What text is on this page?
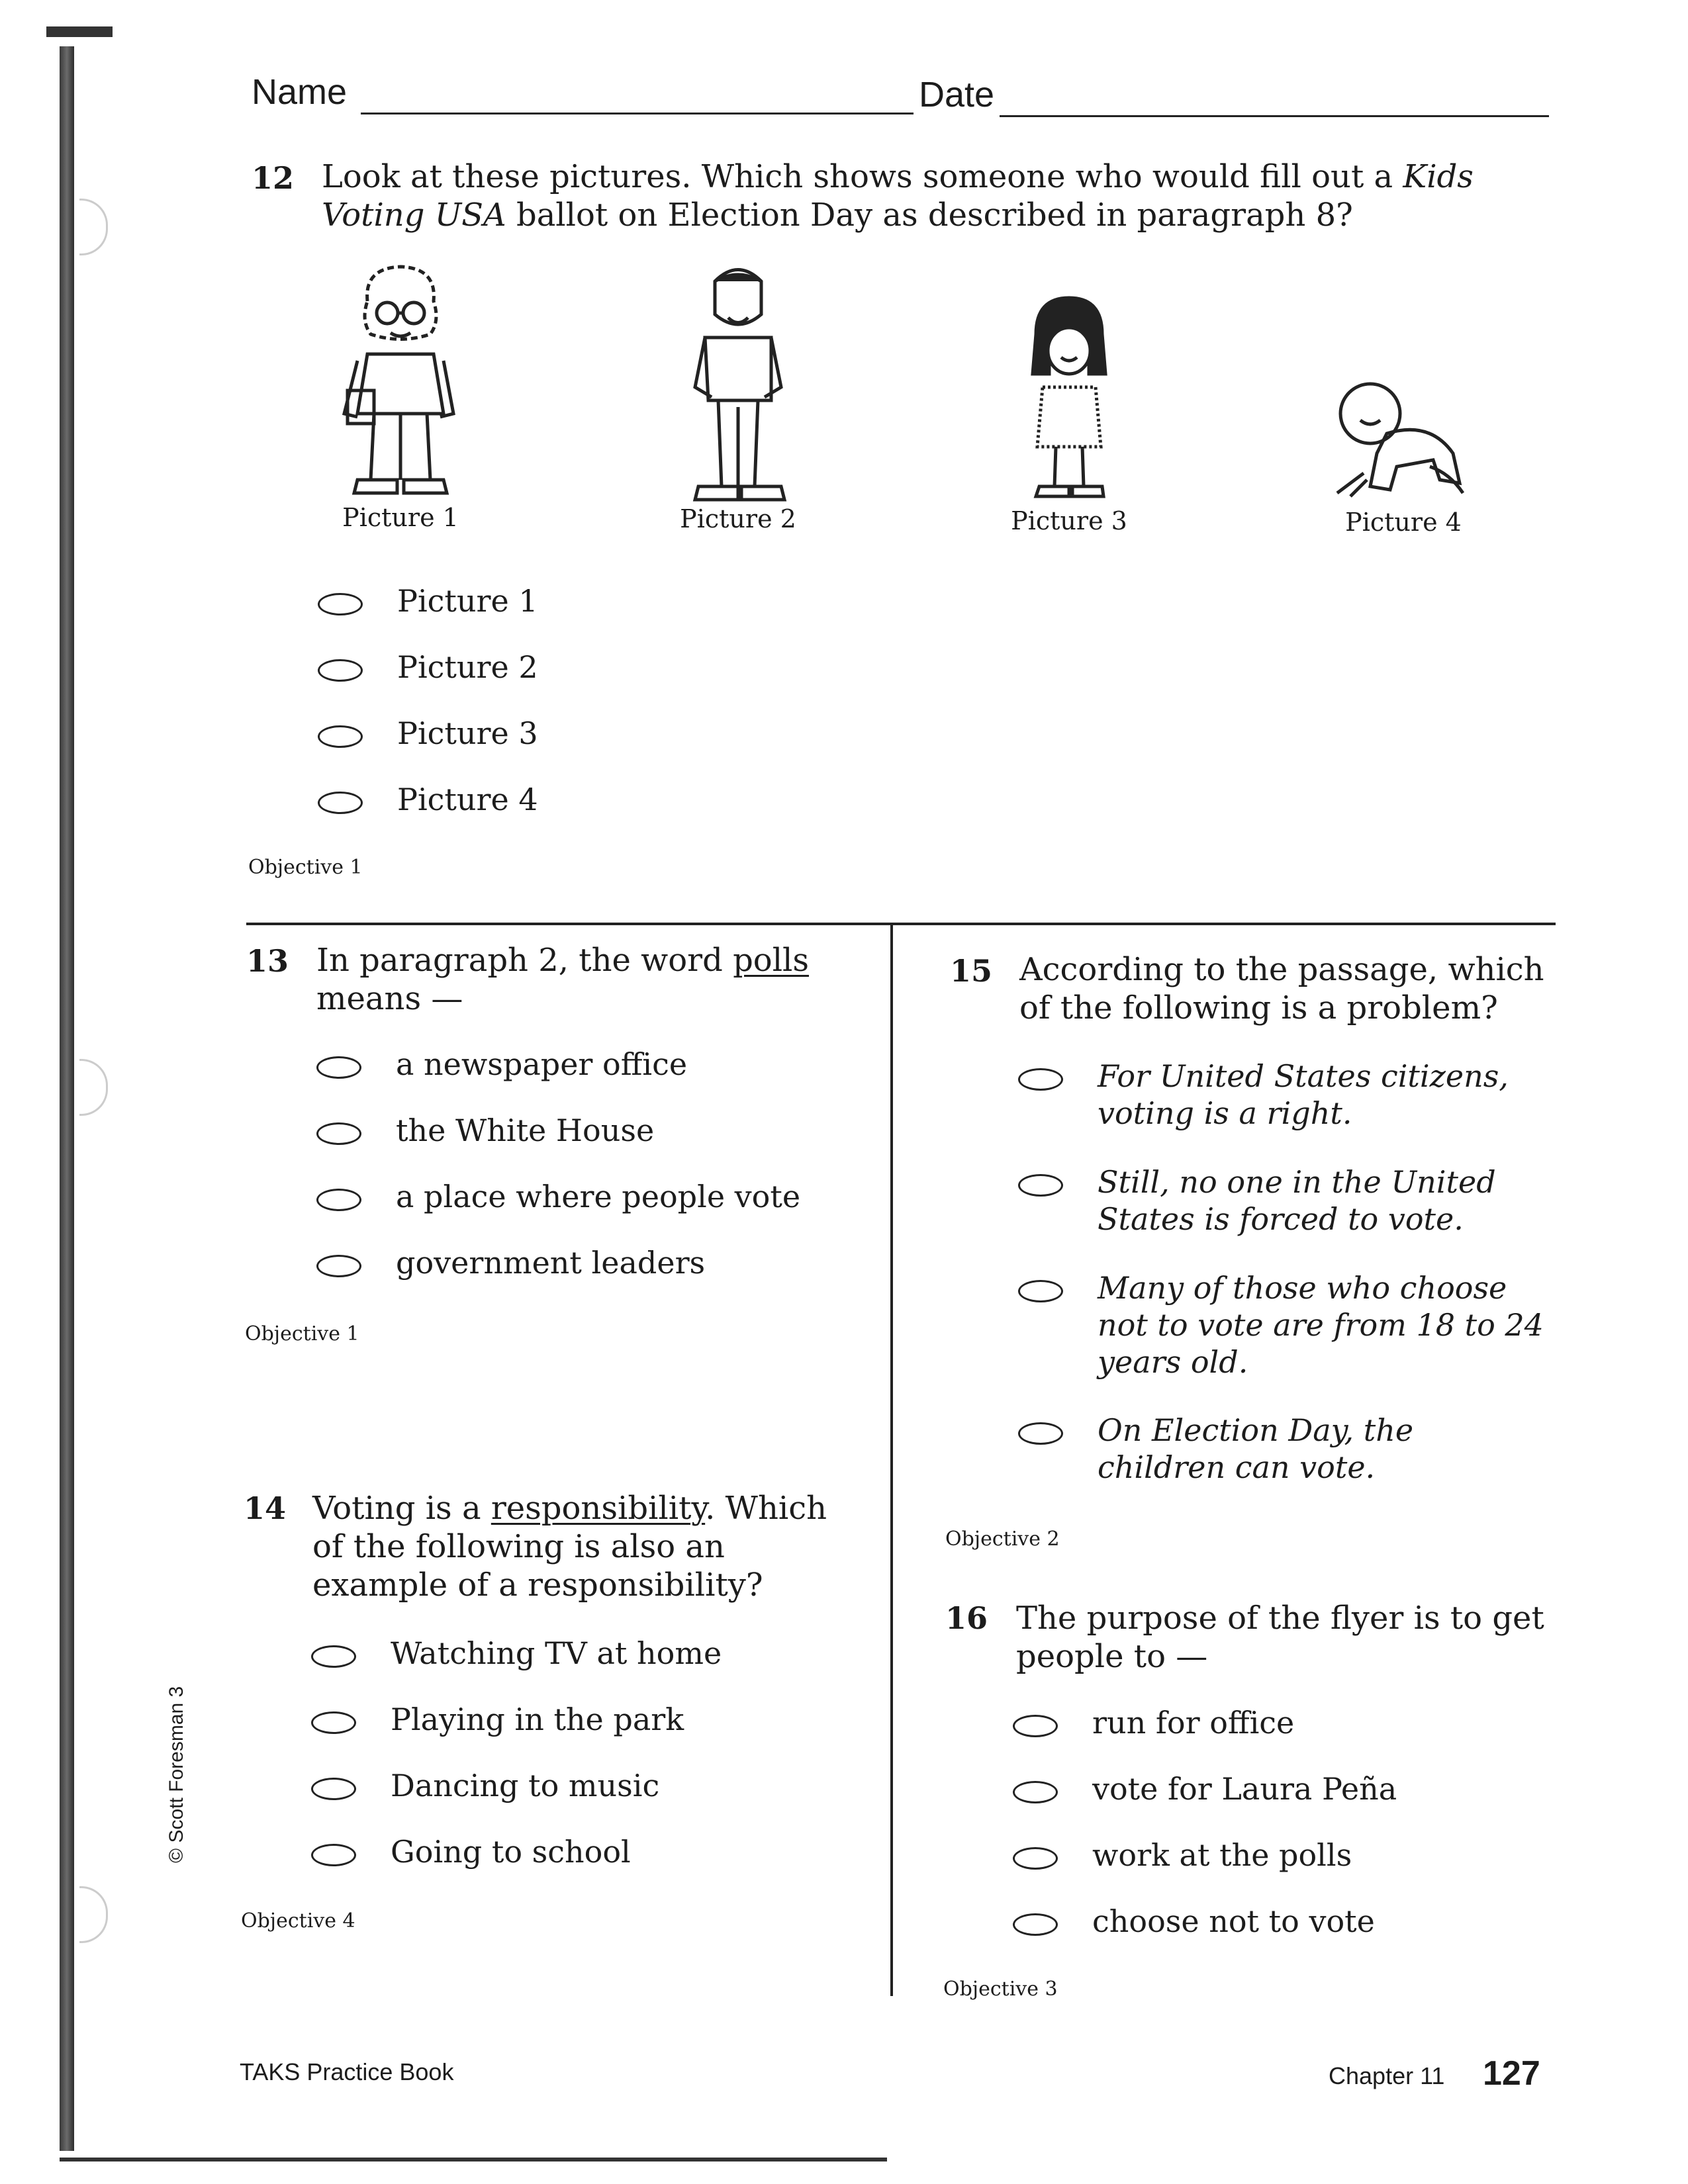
Name	Date
12 Look at these pictures. Which shows someone who would fill out a Kids Voting USA ballot on Election Day as described in paragraph 8?
Picture 1	Picture 2	Picture 3	Picture 4
Picture 1
Picture 2
Picture 3
Picture 4
Objective 1
13 In paragraph 2, the word polls means —
a newspaper office
the White House
a place where people vote
government leaders
Objective 1
14 Voting is a responsibility. Which of the following is also an example of a responsibility?
Watching TV at home
Playing in the park
Dancing to music
Going to school
Objective 4
15 According to the passage, which of the following is a problem?
For United States citizens, voting is a right.
Still, no one in the United States is forced to vote.
Many of those who choose not to vote are from 18 to 24 years old.
On Election Day, the children can vote.
Objective 2
16 The purpose of the flyer is to get people to —
run for office
vote for Laura Peña
work at the polls
choose not to vote
Objective 3
© Scott Foresman 3
TAKS Practice Book	Chapter 11 127
